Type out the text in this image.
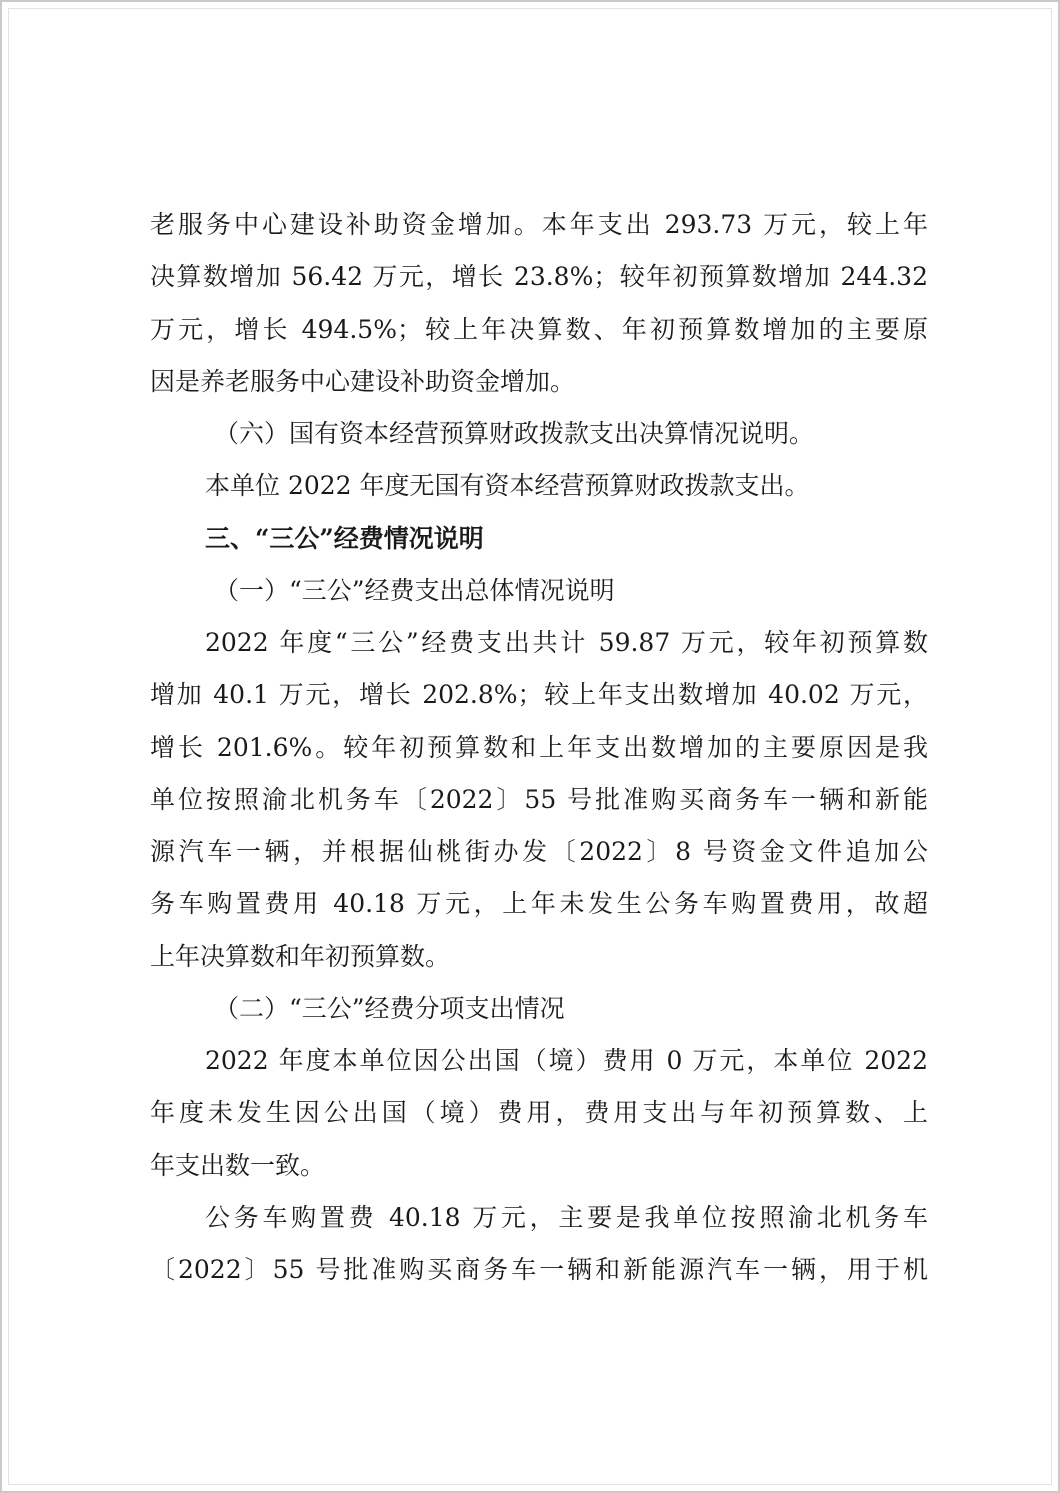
老服务中心建设补助资金增加。本年支出 293.73 万元，较上年

决算数增加 56.42 万元，增长 23.8%；较年初预算数增加 244.32

万元，增长 494.5%；较上年决算数、年初预算数增加的主要原

因是养老服务中心建设补助资金增加。

（六）国有资本经营预算财政拨款支出决算情况说明。

本单位 2022 年度无国有资本经营预算财政拨款支出。

三、“三公”经费情况说明

（一）“三公”经费支出总体情况说明

2022 年度“三公”经费支出共计 59.87 万元，较年初预算数

增加 40.1 万元，增长 202.8%；较上年支出数增加 40.02 万元，

增长 201.6%。较年初预算数和上年支出数增加的主要原因是我

单位按照渝北机务车〔2022〕55 号批准购买商务车一辆和新能

源汽车一辆，并根据仙桃街办发〔2022〕8 号资金文件追加公

务车购置费用 40.18 万元，上年未发生公务车购置费用，故超

上年决算数和年初预算数。

（二）“三公”经费分项支出情况

2022 年度本单位因公出国（境）费用 0 万元，本单位 2022

年度未发生因公出国（境）费用，费用支出与年初预算数、上

年支出数一致。

公务车购置费 40.18 万元，主要是我单位按照渝北机务车

〔2022〕55 号批准购买商务车一辆和新能源汽车一辆，用于机
